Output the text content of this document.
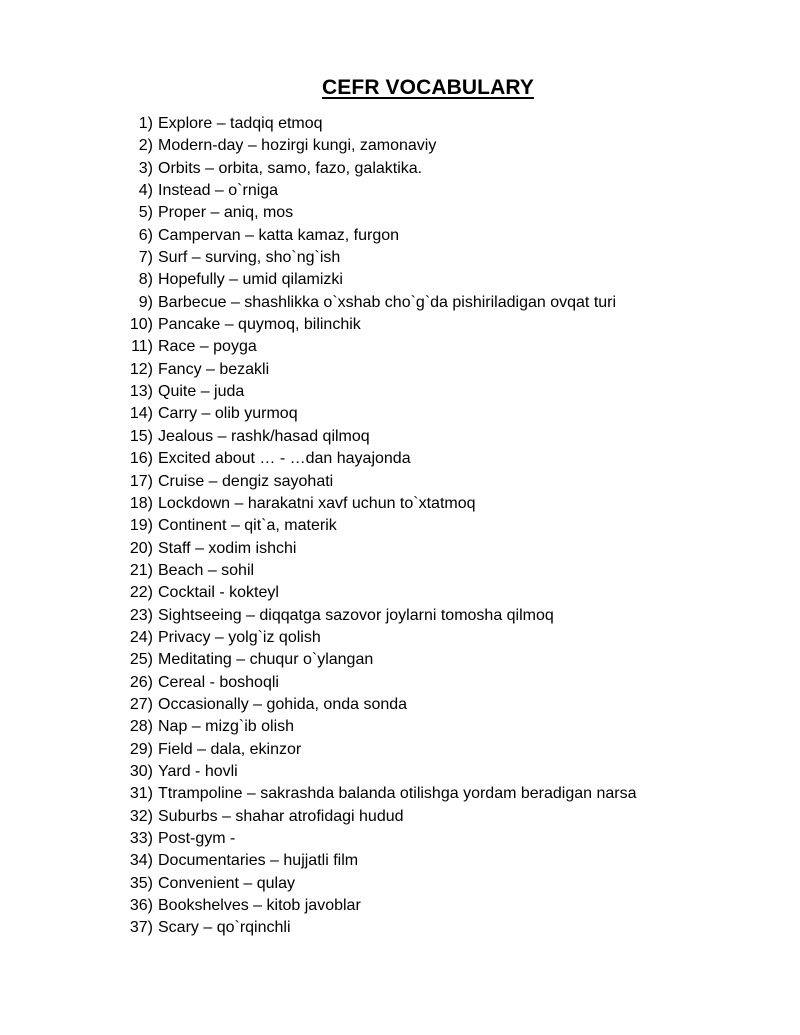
CEFR VOCABULARY
1) Explore – tadqiq etmoq
2) Modern-day – hozirgi kungi, zamonaviy
3) Orbits – orbita, samo, fazo, galaktika.
4) Instead – o`rniga
5) Proper – aniq, mos
6) Campervan – katta kamaz, furgon
7) Surf – surving, sho`ng`ish
8) Hopefully – umid qilamizki
9) Barbecue – shashlikka o`xshab cho`g`da pishiriladigan ovqat turi
10) Pancake – quymoq, bilinchik
11) Race – poyga
12) Fancy – bezakli
13) Quite – juda
14) Carry – olib yurmoq
15) Jealous – rashk/hasad qilmoq
16) Excited about … - …dan hayajonda
17) Cruise – dengiz sayohati
18) Lockdown – harakatni xavf uchun to`xtatmoq
19) Continent – qit`a, materik
20) Staff – xodim ishchi
21) Beach – sohil
22) Cocktail - kokteyl
23) Sightseeing – diqqatga sazovor joylarni tomosha qilmoq
24) Privacy – yolg`iz qolish
25) Meditating – chuqur o`ylangan
26) Cereal - boshoqli
27) Occasionally – gohida, onda sonda
28) Nap – mizg`ib olish
29) Field – dala, ekinzor
30) Yard - hovli
31) Ttrampoline – sakrashda balanda otilishga yordam beradigan narsa
32) Suburbs – shahar atrofidagi hudud
33) Post-gym -
34) Documentaries – hujjatli film
35) Convenient – qulay
36) Bookshelves – kitob javoblar
37) Scary – qo`rqinchli
